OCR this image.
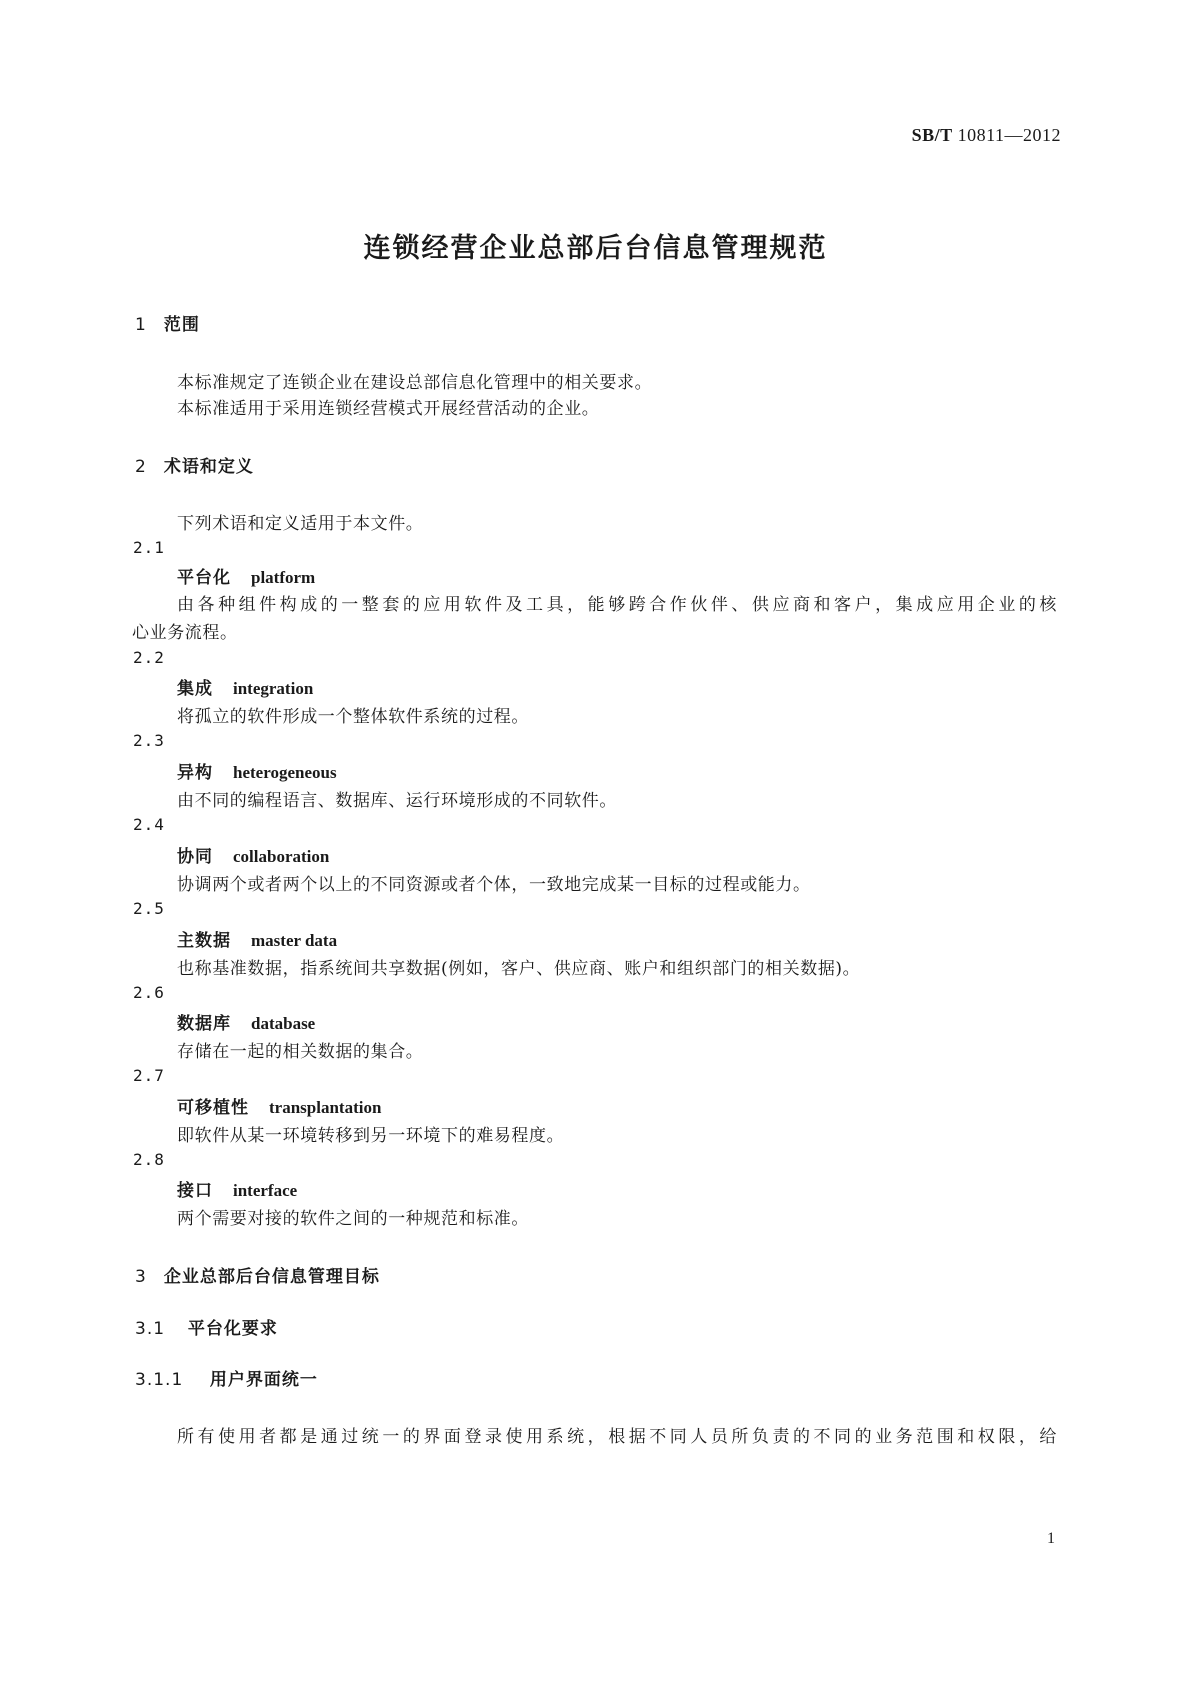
SB/T 10811—2012
连锁经营企业总部后台信息管理规范
1 范围
本标准规定了连锁企业在建设总部信息化管理中的相关要求。
本标准适用于采用连锁经营模式开展经营活动的企业。
2 术语和定义
下列术语和定义适用于本文件。
2.1
平台化 platform
由各种组件构成的一整套的应用软件及工具，能够跨合作伙伴、供应商和客户，集成应用企业的核
心业务流程。
2.2
集成 integration
将孤立的软件形成一个整体软件系统的过程。
2.3
异构 heterogeneous
由不同的编程语言、数据库、运行环境形成的不同软件。
2.4
协同 collaboration
协调两个或者两个以上的不同资源或者个体，一致地完成某一目标的过程或能力。
2.5
主数据 master data
也称基准数据，指系统间共享数据(例如，客户、供应商、账户和组织部门的相关数据)。
2.6
数据库 database
存储在一起的相关数据的集合。
2.7
可移植性 transplantation
即软件从某一环境转移到另一环境下的难易程度。
2.8
接口 interface
两个需要对接的软件之间的一种规范和标准。
3 企业总部后台信息管理目标
3.1 平台化要求
3.1.1 用户界面统一
所有使用者都是通过统一的界面登录使用系统，根据不同人员所负责的不同的业务范围和权限，给
1
